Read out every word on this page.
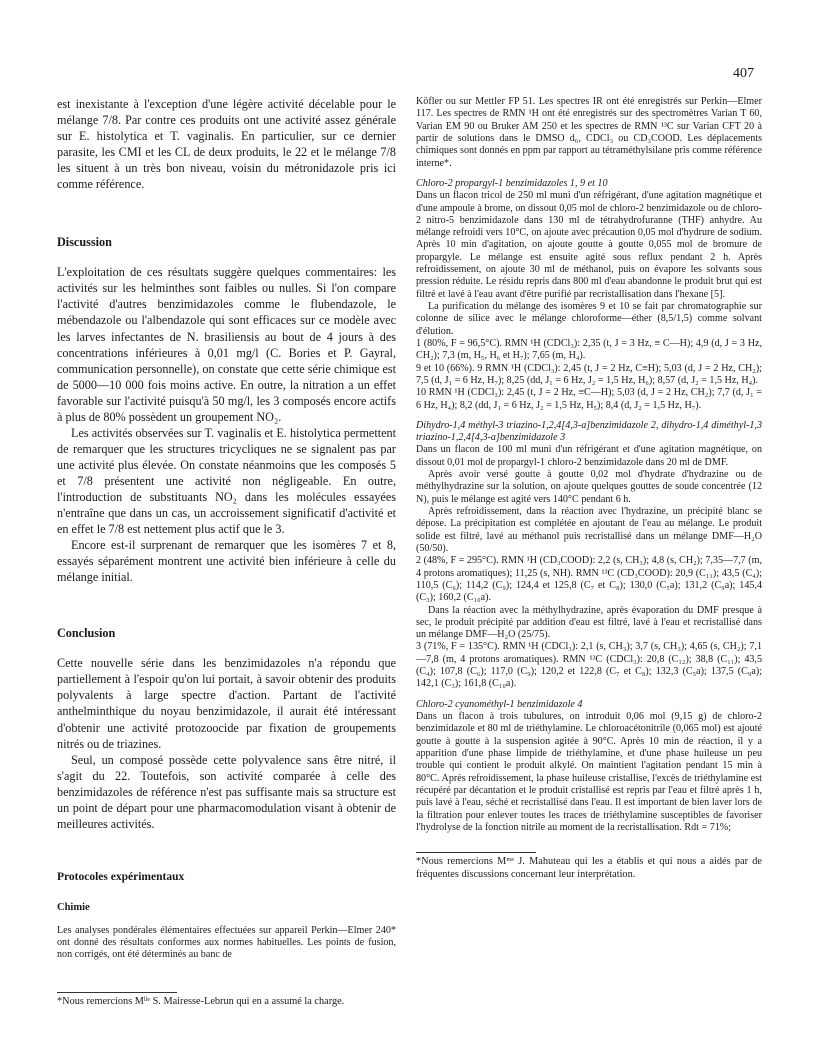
407

est inexistante à l'exception d'une légère activité décelable pour le mélange 7/8. Par contre ces produits ont une activité assez générale sur E. histolytica et T. vaginalis. En particulier, sur ce dernier parasite, les CMI et les CL de deux produits, le 22 et le mélange 7/8 les situent à un très bon niveau, voisin du métronidazole pris ici comme référence.

Discussion

L'exploitation de ces résultats suggère quelques commentaires: les activités sur les helminthes sont faibles ou nulles. Si l'on compare l'activité d'autres benzimidazoles comme le flubendazole, le mébendazole ou l'albendazole qui sont efficaces sur ce modèle avec les larves infectantes de N. brasiliensis au bout de 4 jours à des concentrations inférieures à 0,01 mg/l (C. Bories et P. Gayral, communication personnelle), on constate que cette série chimique est de 5000—10 000 fois moins active. En outre, la nitration a un effet favorable sur l'activité puisqu'à 50 mg/l, les 3 composés encore actifs à plus de 80% possèdent un groupement NO₂.

Les activités observées sur T. vaginalis et E. histolytica permettent de remarquer que les structures tricycliques ne se signalent pas par une activité plus élevée. On constate néanmoins que les composés 5 et 7/8 présentent une activité non négligeable. En outre, l'introduction de substituants NO₂ dans les molécules essayées n'entraîne que dans un cas, un accroissement significatif d'activité et en effet le 7/8 est nettement plus actif que le 3.

Encore est-il surprenant de remarquer que les isomères 7 et 8, essayés séparément montrent une activité bien inférieure à celle du mélange initial.

Conclusion

Cette nouvelle série dans les benzimidazoles n'a répondu que partiellement à l'espoir qu'on lui portait, à savoir obtenir des produits polyvalents à large spectre d'action. Partant de l'activité anthelminthique du noyau benzimidazole, il aurait été intéressant d'obtenir une activité protozoocide par fixation de groupements nitrés ou de triazines.

Seul, un composé possède cette polyvalence sans être nitré, il s'agit du 22. Toutefois, son activité comparée à celle des benzimidazoles de référence n'est pas suffisante mais sa structure est un point de départ pour une pharmacomodulation visant à obtenir de meilleures activités.

Protocoles expérimentaux

Chimie

Les analyses pondérales élémentaires effectuées sur appareil Perkin—Elmer 240* ont donné des résultats conformes aux normes habituelles. Les points de fusion, non corrigés, ont été déterminés au banc de

*Nous remercions Mˡˡᵉ S. Mairesse-Lebrun qui en a assumé la charge.

Köfler ou sur Mettler FP 51. Les spectres IR ont été enregistrés sur Perkin—Elmer 117. Les spectres de RMN ¹H ont été enregistrés sur des spectromètres Varian T 60, Varian EM 90 ou Bruker AM 250 et les spectres de RMN ¹³C sur Varian CFT 20 à partir de solutions dans le DMSO d₆, CDCl₃ ou CD₃COOD. Les déplacements chimiques sont donnés en ppm par rapport au tétraméthylsilane pris comme référence interne*.

Chloro-2 propargyl-1 benzimidazoles 1, 9 et 10

Dans un flacon tricol de 250 ml muni d'un réfrigérant, d'une agitation magnétique et d'une ampoule à brome, on dissout 0,05 mol de chloro-2 benzimidazole ou de chloro-2 nitro-5 benzimidazole dans 130 ml de tétrahydrofuranne (THF) anhydre. Au mélange refroidi vers 10°C, on ajoute avec précaution 0,05 mol d'hydrure de sodium. Après 10 min d'agitation, on ajoute goutte à goutte 0,055 mol de bromure de propargyle. Le mélange est ensuite agité sous reflux pendant 2 h. Après refroidissement, on ajoute 30 ml de méthanol, puis on évapore les solvants sous pression réduite. Le résidu repris dans 800 ml d'eau abandonne le produit brut qui est filtré et lavé à l'eau avant d'être purifié par recristallisation dans l'hexane [5].

La purification du mélange des isomères 9 et 10 se fait par chromatographie sur colonne de silice avec le mélange chloroforme—éther (8,5/1,5) comme solvant d'élution.

1 (80%, F = 96,5°C). RMN ¹H (CDCl₃): 2,35 (t, J = 3 Hz, ≡ C—H); 4,9 (d, J = 3 Hz, CH₂); 7,3 (m, H₅, H₆ et H₇); 7,65 (m, H₄).

9 et 10 (66%). 9 RMN ¹H (CDCl₃): 2,45 (t, J = 2 Hz, C≡H); 5,03 (d, J = 2 Hz, CH₂); 7,5 (d, J₁ = 6 Hz, H₇); 8,25 (dd, J₁ = 6 Hz, J₂ = 1,5 Hz, H₆); 8,57 (d, J₂ = 1,5 Hz, H₄).

10 RMN ¹H (CDCl₃): 2,45 (t, J = 2 Hz, ≡C—H); 5,03 (d, J = 2 Hz, CH₂); 7,7 (d, J₁ = 6 Hz, H₄); 8,2 (dd, J₁ = 6 Hz, J₂ = 1,5 Hz, H₅); 8,4 (d, J₂ = 1,5 Hz, H₇).

Dihydro-1,4 méthyl-3 triazino-1,2,4[4,3-a]benzimidazole 2, dihydro-1,4 diméthyl-1,3 triazino-1,2,4[4,3-a]benzimidazole 3

Dans un flacon de 100 ml muni d'un réfrigérant et d'une agitation magnétique, on dissout 0,01 mol de propargyl-1 chloro-2 benzimidazole dans 20 ml de DMF.

Après avoir versé goutte à goutte 0,02 mol d'hydrate d'hydrazine ou de méthylhydrazine sur la solution, on ajoute quelques gouttes de soude concentrée (12 N), puis le mélange est agité vers 140°C pendant 6 h.

Après refroidissement, dans la réaction avec l'hydrazine, un précipité blanc se dépose. La précipitation est complétée en ajoutant de l'eau au mélange. Le produit solide est filtré, lavé au méthanol puis recristallisé dans un mélange DMF—H₂O (50/50).

2 (48%, F = 295°C). RMN ¹H (CD₃COOD): 2,2 (s, CH₃); 4,8 (s, CH₂); 7,35—7,7 (m, 4 protons aromatiques); 11,25 (s, NH). RMN ¹³C (CD₃COOD): 20,9 (C₁₁); 43,5 (C₄); 110,5 (C₆); 114,2 (C₉); 124,4 et 125,8 (C₇ et C₈); 130,0 (C₅a); 131,2 (C₉a); 145,4 (C₃); 160,2 (C₁₀a).

Dans la réaction avec la méthylhydrazine, après évaporation du DMF presque à sec, le produit précipité par addition d'eau est filtré, lavé à l'eau et recristallisé dans un mélange DMF—H₂O (25/75).

3 (71%, F = 135°C). RMN ¹H (CDCl₃): 2,1 (s, CH₃); 3,7 (s, CH₃); 4,65 (s, CH₂); 7,1—7,8 (m, 4 protons aromatiques). RMN ¹³C (CDCl₃): 20,8 (C₁₂); 38,8 (C₁₁); 43,5 (C₄); 107,8 (C₆); 117,0 (C₉); 120,2 et 122,8 (C₇ et C₈); 132,3 (C₅a); 137,5 (C₉a); 142,1 (C₃); 161,8 (C₁₀a).

Chloro-2 cyanométhyl-1 benzimidazole 4

Dans un flacon à trois tubulures, on introduit 0,06 mol (9,15 g) de chloro-2 benzimidazole et 80 ml de triéthylamine. Le chloroacétonitrile (0,065 mol) est ajouté goutte à goutte à la suspension agitée à 90°C. Après 10 min de réaction, il y a apparition d'une phase limpide de triéthylamine, et d'une phase huileuse un peu trouble qui contient le produit alkylé. On maintient l'agitation pendant 15 min à 80°C. Après refroidissement, la phase huileuse cristallise, l'excès de triéthylamine est récupéré par décantation et le produit cristallisé est repris par l'eau et filtré après 1 h, puis lavé à l'eau, séché et recristallisé dans l'eau. Il est important de bien laver lors de la filtration pour enlever toutes les traces de triéthylamine susceptibles de favoriser l'hydrolyse de la fonction nitrile au moment de la recristallisation. Rdt = 71%;

*Nous remercions Mᵐᵉ J. Mahuteau qui les a établis et qui nous a aidés par de fréquentes discussions concernant leur interprétation.
